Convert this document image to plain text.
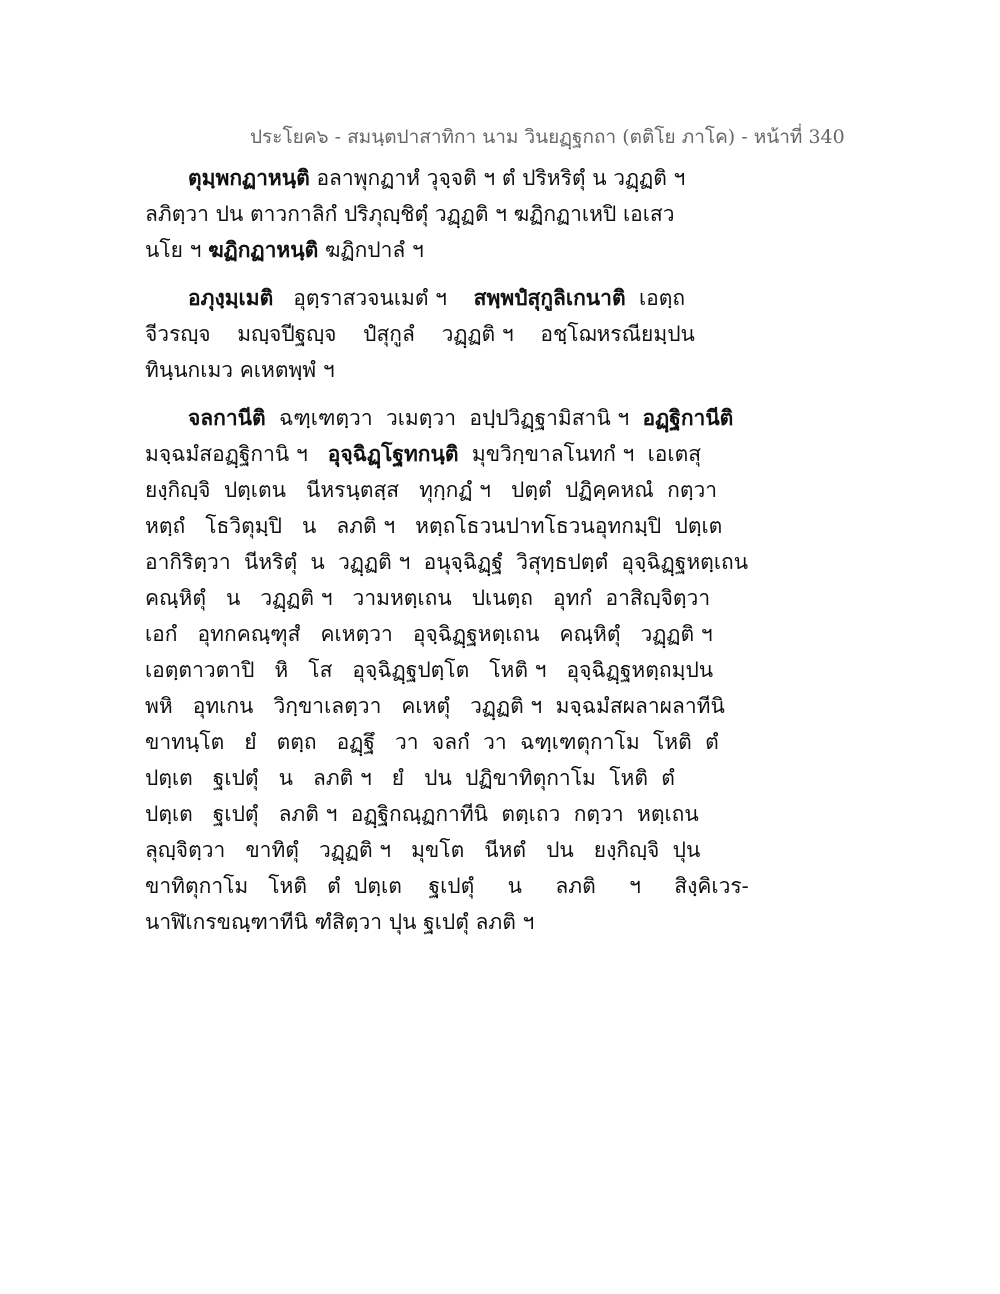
ประโยค๖ - สมนฺตปาสาทิกา นาม วินยฏฺฐกถา (ตติโย ภาโค) - หน้าที่ 340
ตุมฺพกฏาหนฺติ อลาพุกฏาหํ วุจฺจติ ฯ ตํ ปริหริตุํ น วฏฺฏติ ฯ
ลภิตฺวา ปน ตาวกาลิกํ ปริภุญฺชิตุํ วฏฺฏติ ฯ ฆฏิกฏาเหปิ เอเสว
นโย ฯ ฆฏิกฏาหนฺติ ฆฏิกปาลํ ฯ
อภุงฺมฺเมติ   อุตฺราสวจนเมตํ ฯ    สพฺพปํสุกูลิเกนาติ  เอตฺถ
จีวรญฺจ    มญฺจปีฐญฺจ    ปํสุกูลํ    วฏฺฏติ ฯ    อชฺโฌหรณียมฺปน
ทินฺนกเมว คเหตพฺพํ ฯ
จลกานีติ  ฉฑฺเฑตฺวา  วเมตฺวา  อปฺปวิฏฺฐามิสานิ ฯ  อฏฺฐิกานีติ
มจฺฉมํสอฏฺฐิกานิ ฯ   อุจฺฉิฏฺโฐทกนฺติ  มุขวิกฺขาลโนทกํ ฯ  เอเตสุ
ยงฺกิญฺจิ  ปตฺเตน   นีหรนฺตสฺส   ทุกฺกฏํ ฯ   ปตฺตํ  ปฏิคฺคหณํ  กตฺวา
หตฺถํ   โธวิตุมฺปิ   น   ลภติ ฯ   หตฺถโธวนปาทโธวนอุทกมฺปิ  ปตฺเต
อากิริตฺวา  นีหริตุํ  น  วฏฺฏติ ฯ  อนุจฺฉิฏฺฐํ  วิสุทฺธปตฺตํ  อุจฺฉิฏฺฐหตฺเถน
คณฺหิตุํ   น   วฏฺฏติ ฯ   วามหตฺเถน   ปเนตฺถ   อุทกํ  อาสิญฺจิตฺวา
เอกํ   อุทกคณฺฑุสํ   คเหตฺวา   อุจฺฉิฏฺฐหตฺเถน   คณฺหิตุํ   วฏฺฏติ ฯ
เอตฺตาวตาปิ   หิ   โส   อุจฺฉิฏฺฐปตฺโต   โหติ ฯ   อุจฺฉิฏฺฐหตฺถมฺปน
พหิ   อุทเกน   วิกฺขาเลตฺวา   คเหตุํ   วฏฺฏติ ฯ  มจฺฉมํสผลาผลาทีนิ
ขาทนฺโต   ยํ   ตตฺถ   อฏฺฐึ   วา  จลกํ  วา  ฉฑฺเฑตุกาโม  โหติ  ตํ
ปตฺเต   ฐเปตุํ   น   ลภติ ฯ   ยํ   ปน  ปฏิขาทิตุกาโม  โหติ  ตํ
ปตฺเต   ฐเปตุํ   ลภติ ฯ  อฏฺฐิกณฺฏกาทีนิ  ตตฺเถว  กตฺวา  หตฺเถน
ลุญฺจิตฺวา   ขาทิตุํ   วฏฺฏติ ฯ   มุขโต   นีหตํ   ปน   ยงฺกิญฺจิ  ปุน
ขาทิตุกาโม   โหติ   ตํ  ปตฺเต    ฐเปตุํ     น     ลภติ     ฯ     สิงฺคิเวร-
นาฬิเกรขณฺฑาทีนิ ฑํสิตฺวา ปุน ฐเปตุํ ลภติ ฯ
